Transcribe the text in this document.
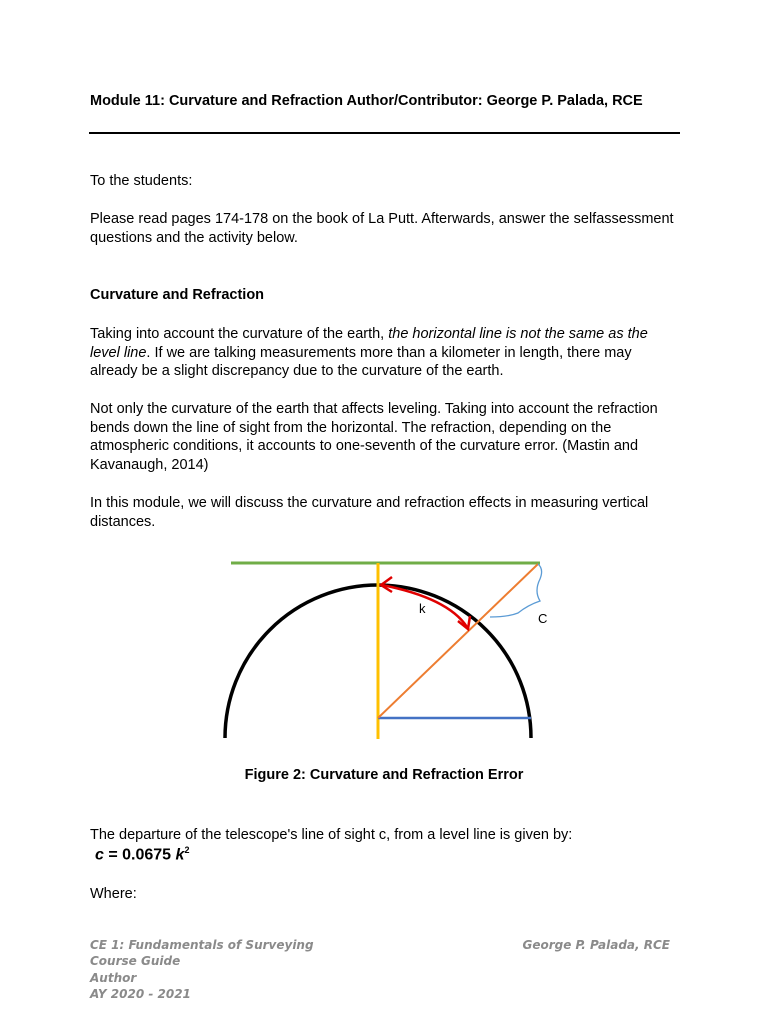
Module 11: Curvature and Refraction Author/Contributor: George P. Palada, RCE
To the students:
Please read pages 174-178 on the book of La Putt. Afterwards, answer the selfassessment questions and the activity below.
Curvature and Refraction
Taking into account the curvature of the earth, the horizontal line is not the same as the level line. If we are talking measurements more than a kilometer in length, there may already be a slight discrepancy due to the curvature of the earth.
Not only the curvature of the earth that affects leveling. Taking into account the refraction bends down the line of sight from the horizontal. The refraction, depending on the atmospheric conditions, it accounts to one-seventh of the curvature error. (Mastin and Kavanaugh, 2014)
In this module, we will discuss the curvature and refraction effects in measuring vertical distances.
k
C
Figure 2: Curvature and Refraction Error
The departure of the telescope's line of sight c, from a level line is given by:
c = 0.0675 $k^2$
Where:
CE 1: Fundamentals of Surveying
Course Guide
Author
AY 2020 - 2021
George P. Palada, RCE
